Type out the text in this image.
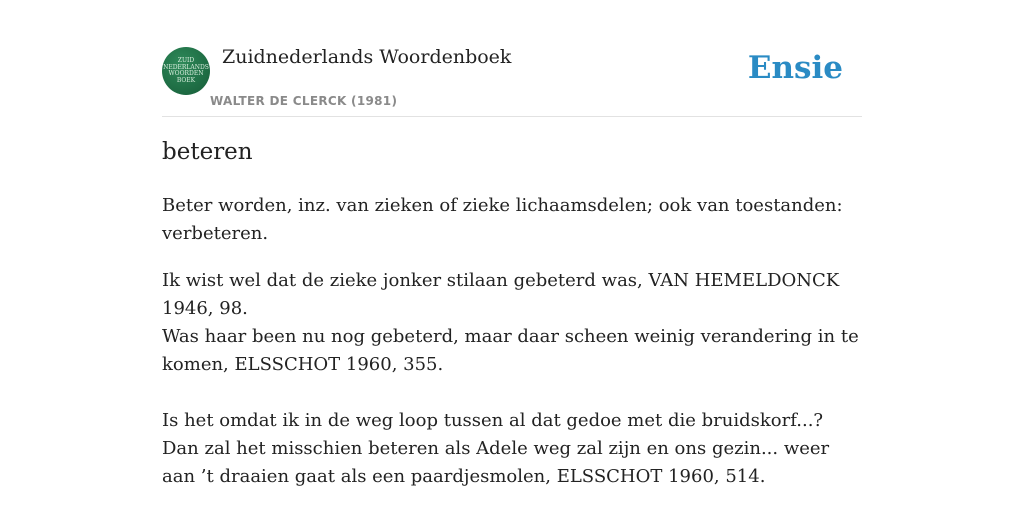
ZUID
NEDERLANDS
WOORDEN
BOEK
Zuidnederlands Woordenboek
WALTER DE CLERCK (1981)
Ensie
beteren
Beter worden, inz. van zieken of zieke lichaamsdelen; ook van toestanden: verbeteren.
Ik wist wel dat de zieke jonker stilaan gebeterd was, VAN HEMELDONCK 1946, 98.
Was haar been nu nog gebeterd, maar daar scheen weinig verandering in te komen, ELSSCHOT 1960, 355.
Is het omdat ik in de weg loop tussen al dat gedoe met die bruidskorf...? Dan zal het misschien beteren als Adele weg zal zijn en ons gezin... weer aan ’t draaien gaat als een paardjesmolen, ELSSCHOT 1960, 514.
